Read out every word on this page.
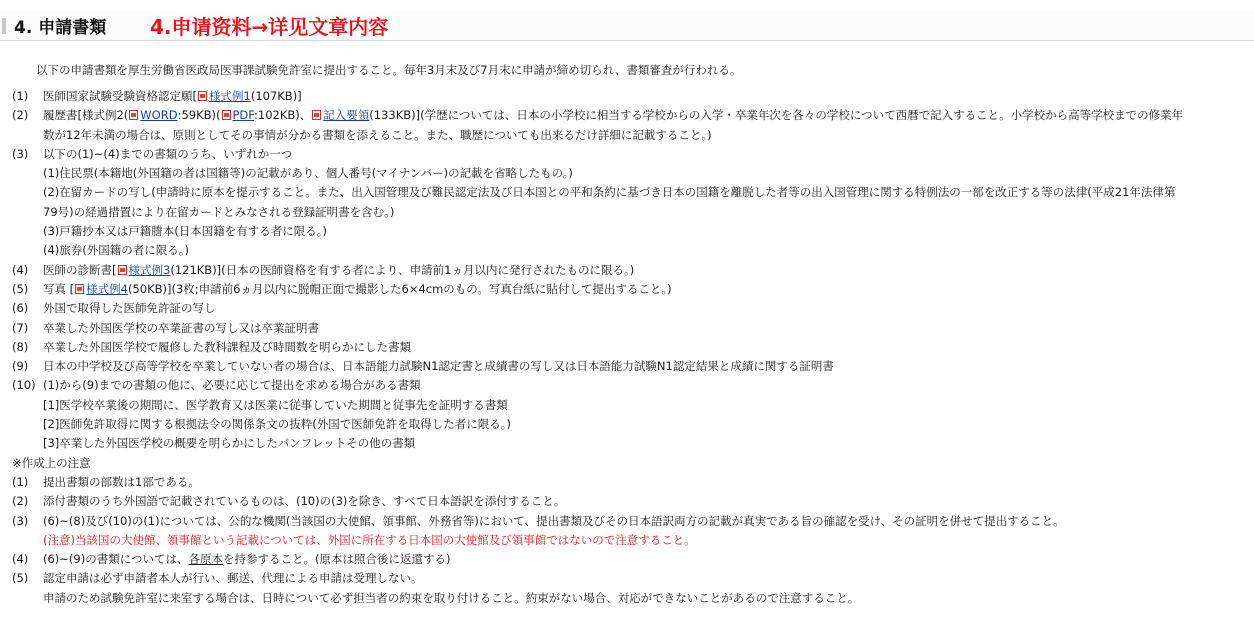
4. 申請書類 4.申请资料→详见文章内容
以下の申請書類を厚生労働省医政局医事課試験免許室に提出すること。毎年3月末及び7月末に申請が締め切られ、書類審査が行われる。
(1)	医師国家試験受験資格認定願[ 様式例1(107KB)]
(2)	履歴書[様式例2( WORD:59KB)( PDF:102KB)、 記入要領(133KB)](学歴については、日本の小学校に相当する学校からの入学・卒業年次を各々の学校について西暦で記入すること。小学校から高等学校までの修業年
数が12年未満の場合は、原則としてその事情が分かる書類を添えること。また、職歴についても出来るだけ詳細に記載すること。)
(3)	以下の(1)~(4)までの書類のうち、いずれか一つ
(1)住民票(本籍地(外国籍の者は国籍等)の記載があり、個人番号(マイナンバー)の記載を省略したもの。)
(2)在留カードの写し(申請時に原本を提示すること。また、出入国管理及び難民認定法及び日本国との平和条約に基づき日本の国籍を離脱した者等の出入国管理に関する特例法の一部を改正する等の法律(平成21年法律第
79号)の経過措置により在留カードとみなされる登録証明書を含む。)
(3)戸籍抄本又は戸籍謄本(日本国籍を有する者に限る。)
(4)旅券(外国籍の者に限る。)
(4)	医師の診断書[ 様式例3(121KB)](日本の医師資格を有する者により、申請前1ヵ月以内に発行されたものに限る。)
(5)	写真 [ 様式例4(50KB)](3枚;申請前6ヵ月以内に脱帽正面で撮影した6×4cmのもの。写真台紙に貼付して提出すること。)
(6)	外国で取得した医師免許証の写し
(7)	卒業した外国医学校の卒業証書の写し又は卒業証明書
(8)	卒業した外国医学校で履修した教科課程及び時間数を明らかにした書類
(9)	日本の中学校及び高等学校を卒業していない者の場合は、日本語能力試験N1認定書と成績書の写し又は日本語能力試験N1認定結果と成績に関する証明書
(10) (1)から(9)までの書類の他に、必要に応じて提出を求める場合がある書類
[1]医学校卒業後の期間に、医学教育又は医業に従事していた期間と従事先を証明する書類
[2]医師免許取得に関する根拠法令の関係条文の抜粋(外国で医師免許を取得した者に限る。)
[3]卒業した外国医学校の概要を明らかにしたパンフレットその他の書類
※作成上の注意
(1)	提出書類の部数は1部である。
(2)	添付書類のうち外国語で記載されているものは、(10)の(3)を除き、すべて日本語訳を添付すること。
(3)	(6)~(8)及び(10)の(1)については、公的な機関(当該国の大使館、領事館、外務省等)において、提出書類及びその日本語訳両方の記載が真実である旨の確認を受け、その証明を併せて提出すること。
(注意)当該国の大使館、領事館という記載については、外国に所在する日本国の大使館及び領事館ではないので注意すること。
(4)	(6)~(9)の書類については、各原本を持参すること。(原本は照合後に返還する)
(5)	認定申請は必ず申請者本人が行い、郵送、代理による申請は受理しない。
申請のため試験免許室に来室する場合は、日時について必ず担当者の約束を取り付けること。約束がない場合、対応ができないことがあるので注意すること。
